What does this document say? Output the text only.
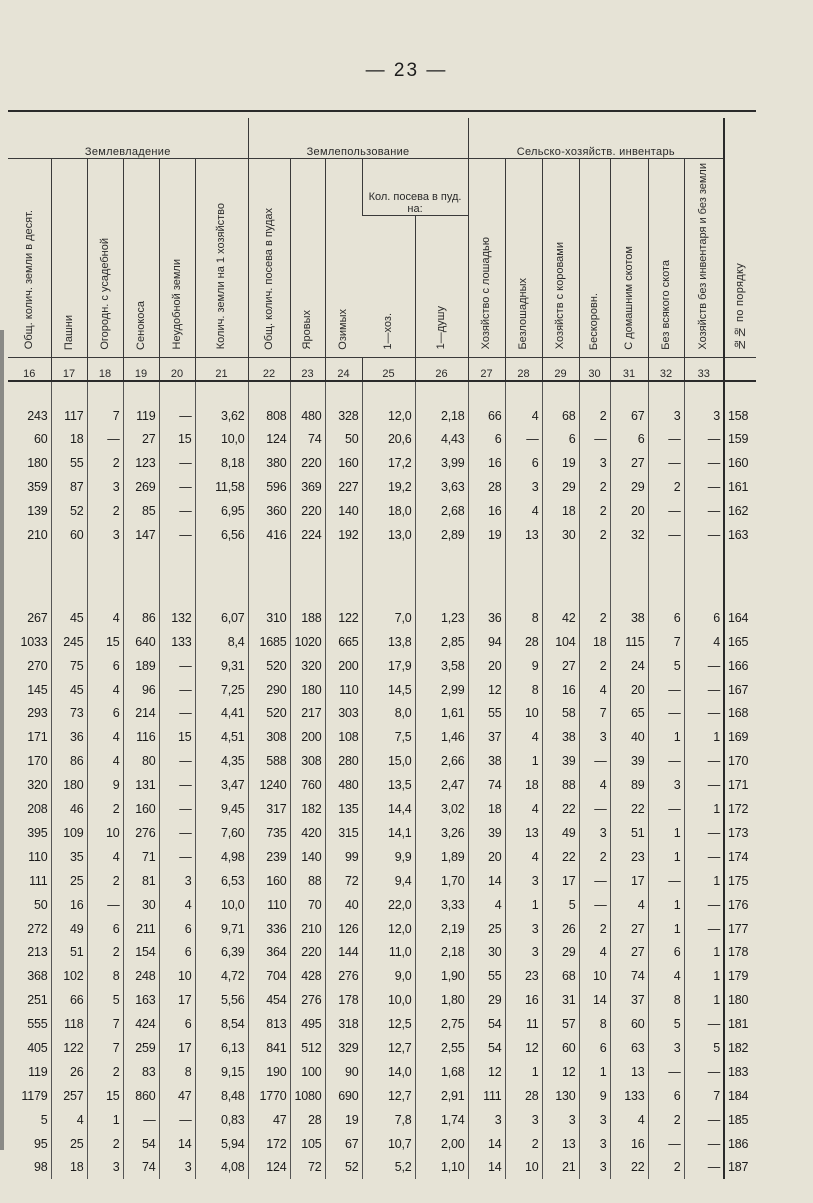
— 23 —
Землевладение						Землепользование					Сельско-хозяйств. инвентарь							№№ по порядку
Общ. колич. земли в десят.	Пашни	Огородн. с усадебной	Сенокоса	Неудобной земли	Колич. земли на 1 хозяйство	Общ. колич. посева в пудах	Яровых	Озимых	Кол. посева в пуд. на:		Хозяйство с лошадью	Безлошадных	Хозяйств с коровами	Бескоровн.	С домашним скотом	Без всякого скота	Хозяйств без инвентаря и без земли	
									1—хоз.	1—душу								
16	17	18	19	20	21	22	23	24	25	26	27	28	29	30	31	32	33	

243	117	7	119	—	3,62	808	480	328	12,0	2,18	66	4	68	2	67	3	3	158
60	18	—	27	15	10,0	124	74	50	20,6	4,43	6	—	6	—	6	—	—	159
180	55	2	123	—	8,18	380	220	160	17,2	3,99	16	6	19	3	27	—	—	160
359	87	3	269	—	11,58	596	369	227	19,2	3,63	28	3	29	2	29	2	—	161
139	52	2	85	—	6,95	360	220	140	18,0	2,68	16	4	18	2	20	—	—	162
210	60	3	147	—	6,56	416	224	192	13,0	2,89	19	13	30	2	32	—	—	163

267	45	4	86	132	6,07	310	188	122	7,0	1,23	36	8	42	2	38	6	6	164
1033	245	15	640	133	8,4	1685	1020	665	13,8	2,85	94	28	104	18	115	7	4	165
270	75	6	189	—	9,31	520	320	200	17,9	3,58	20	9	27	2	24	5	—	166
145	45	4	96	—	7,25	290	180	110	14,5	2,99	12	8	16	4	20	—	—	167
293	73	6	214	—	4,41	520	217	303	8,0	1,61	55	10	58	7	65	—	—	168
171	36	4	116	15	4,51	308	200	108	7,5	1,46	37	4	38	3	40	1	1	169
170	86	4	80	—	4,35	588	308	280	15,0	2,66	38	1	39	—	39	—	—	170
320	180	9	131	—	3,47	1240	760	480	13,5	2,47	74	18	88	4	89	3	—	171
208	46	2	160	—	9,45	317	182	135	14,4	3,02	18	4	22	—	22	—	1	172
395	109	10	276	—	7,60	735	420	315	14,1	3,26	39	13	49	3	51	1	—	173
110	35	4	71	—	4,98	239	140	99	9,9	1,89	20	4	22	2	23	1	—	174
111	25	2	81	3	6,53	160	88	72	9,4	1,70	14	3	17	—	17	—	1	175
50	16	—	30	4	10,0	110	70	40	22,0	3,33	4	1	5	—	4	1	—	176
272	49	6	211	6	9,71	336	210	126	12,0	2,19	25	3	26	2	27	1	—	177
213	51	2	154	6	6,39	364	220	144	11,0	2,18	30	3	29	4	27	6	1	178
368	102	8	248	10	4,72	704	428	276	9,0	1,90	55	23	68	10	74	4	1	179
251	66	5	163	17	5,56	454	276	178	10,0	1,80	29	16	31	14	37	8	1	180
555	118	7	424	6	8,54	813	495	318	12,5	2,75	54	11	57	8	60	5	—	181
405	122	7	259	17	6,13	841	512	329	12,7	2,55	54	12	60	6	63	3	5	182
119	26	2	83	8	9,15	190	100	90	14,0	1,68	12	1	12	1	13	—	—	183
1179	257	15	860	47	8,48	1770	1080	690	12,7	2,91	111	28	130	9	133	6	7	184
5	4	1	—	—	0,83	47	28	19	7,8	1,74	3	3	3	3	4	2	—	185
95	25	2	54	14	5,94	172	105	67	10,7	2,00	14	2	13	3	16	—	—	186
98	18	3	74	3	4,08	124	72	52	5,2	1,10	14	10	21	3	22	2	—	187
